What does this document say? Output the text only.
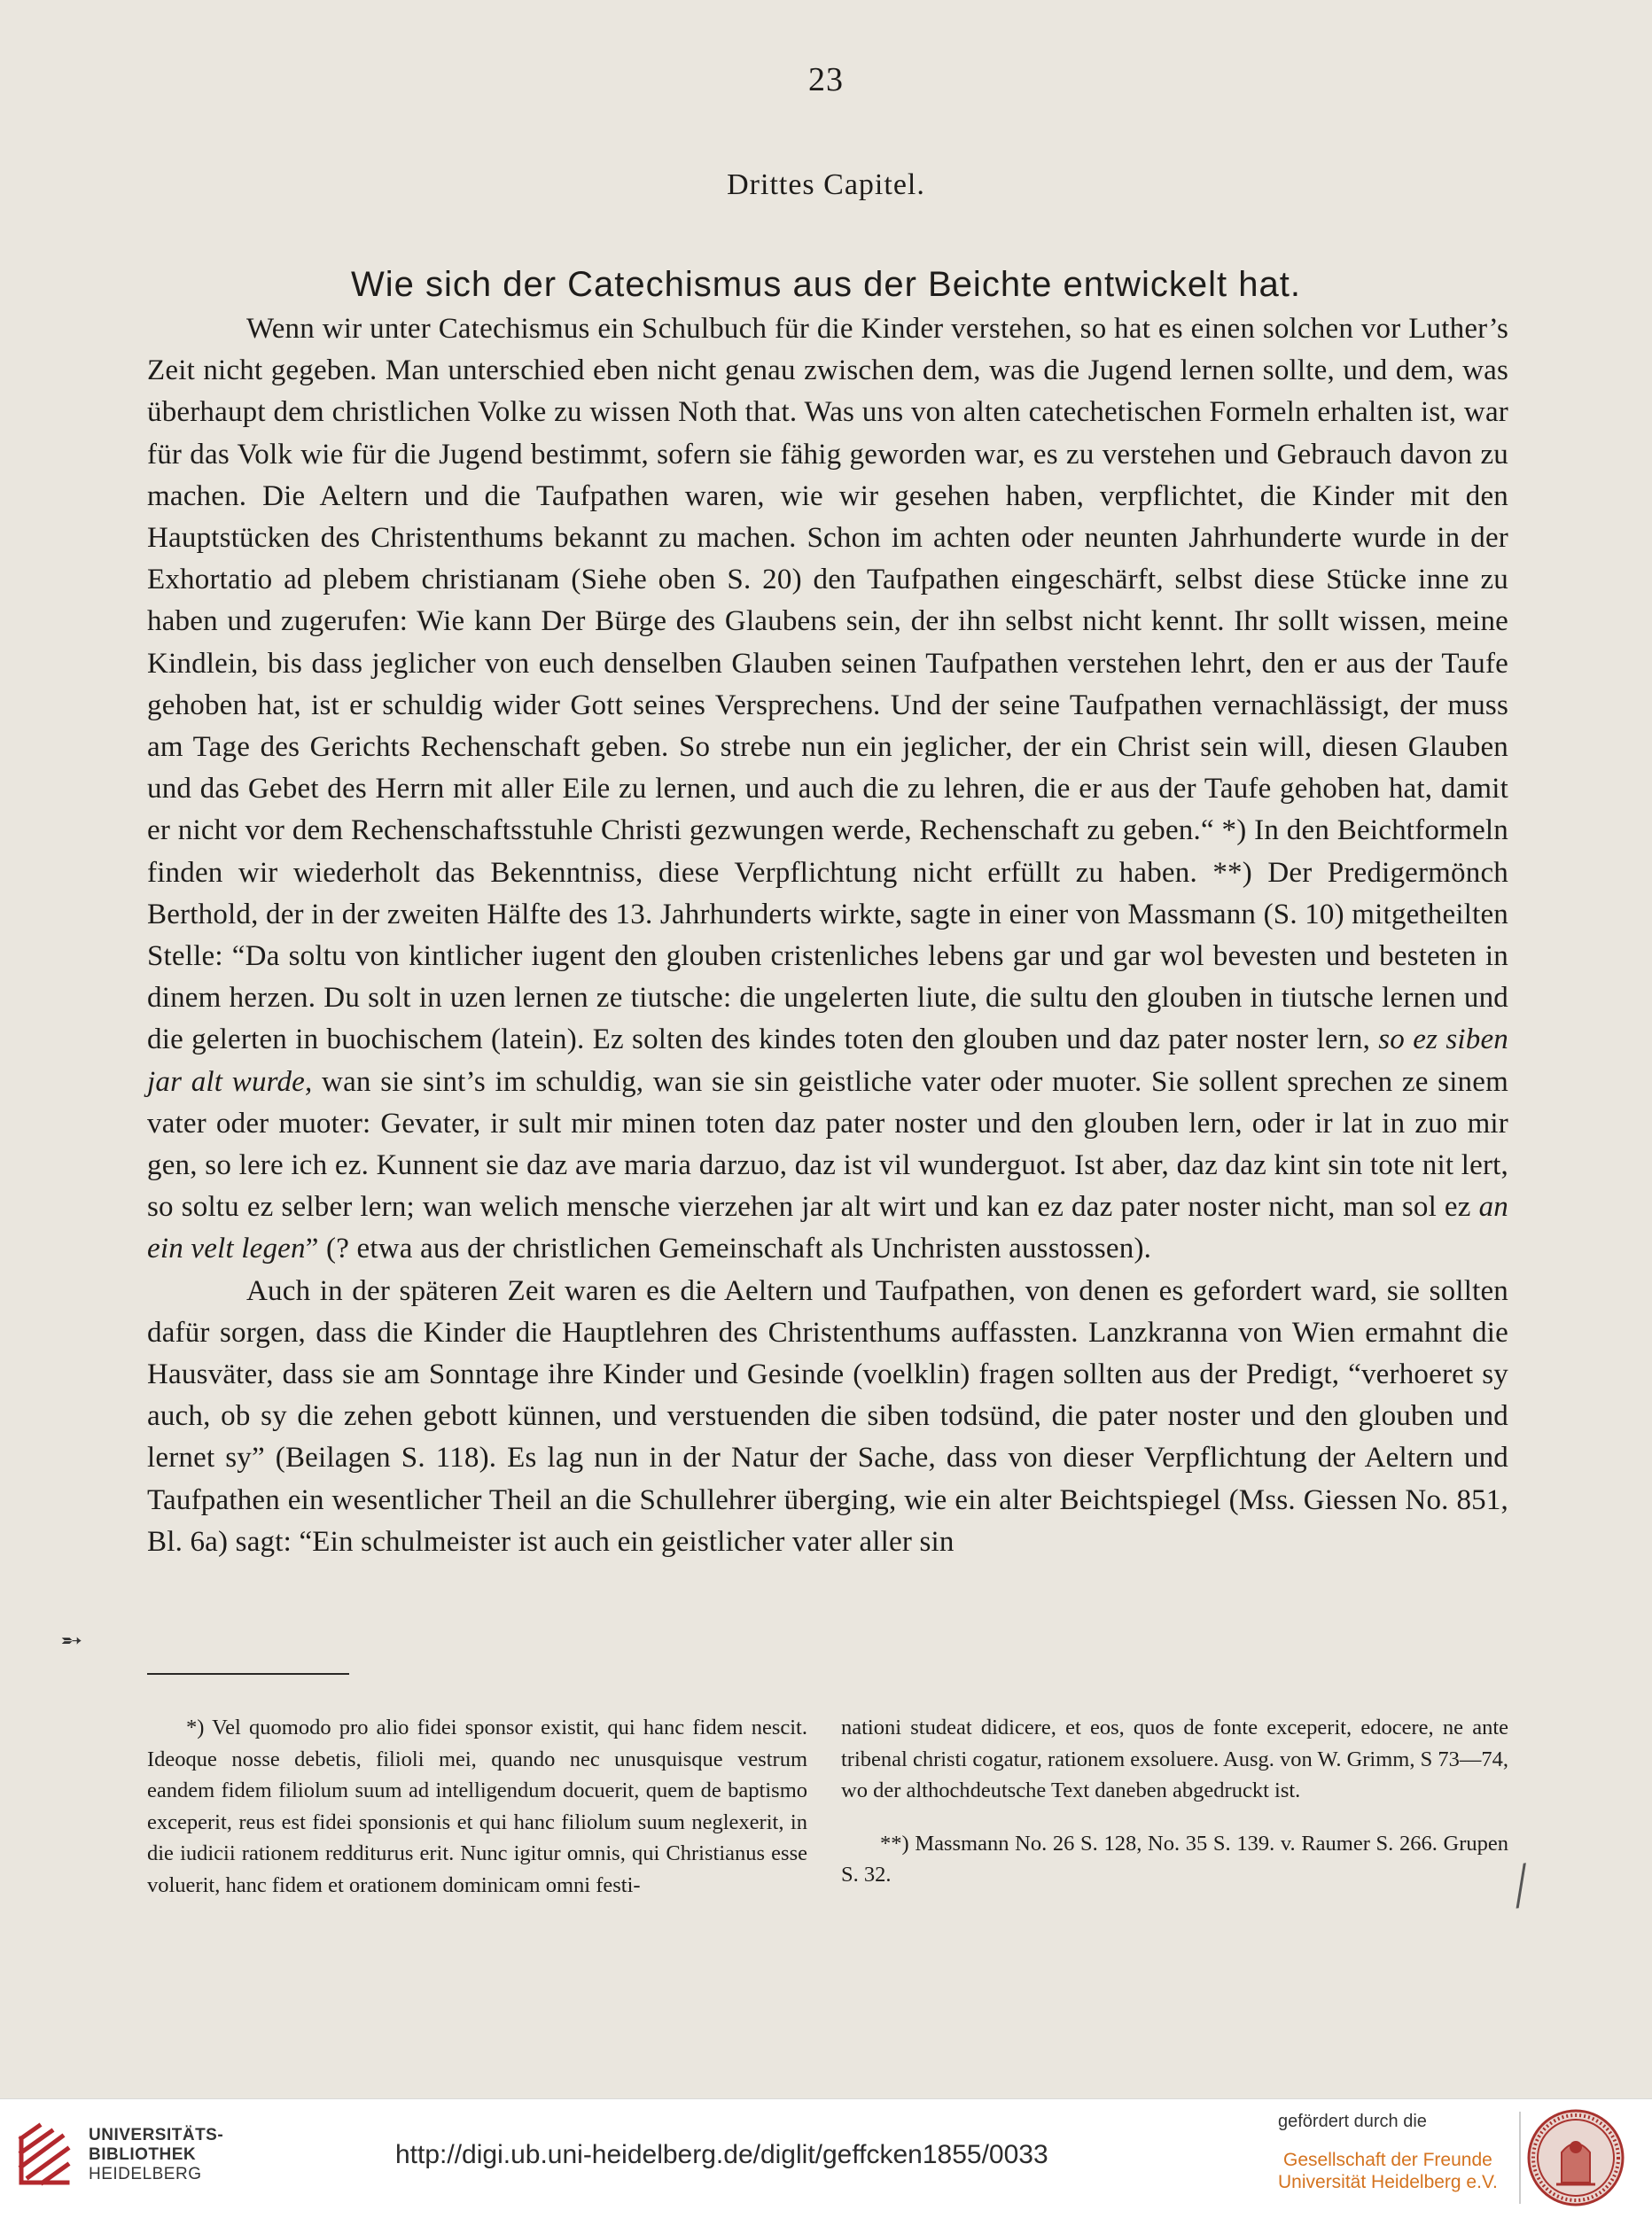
23
Drittes Capitel.
Wie sich der Catechismus aus der Beichte entwickelt hat.

Wenn wir unter Catechismus ein Schulbuch für die Kinder verstehen, so hat es einen solchen vor Luther’s Zeit nicht gegeben. Man unterschied eben nicht genau zwischen dem, was die Jugend lernen sollte, und dem, was überhaupt dem christlichen Volke zu wissen Noth that. Was uns von alten catechetischen Formeln erhalten ist, war für das Volk wie für die Jugend bestimmt, sofern sie fähig geworden war, es zu verstehen und Gebrauch davon zu machen. Die Aeltern und die Taufpathen waren, wie wir gesehen haben, verpflichtet, die Kinder mit den Hauptstücken des Christenthums bekannt zu machen. Schon im achten oder neunten Jahrhunderte wurde in der Exhortatio ad plebem christianam (Siehe oben S. 20) den Taufpathen eingeschärft, selbst diese Stücke inne zu haben und zugerufen: Wie kann Der Bürge des Glaubens sein, der ihn selbst nicht kennt. Ihr sollt wissen, meine Kindlein, bis dass jeglicher von euch denselben Glauben seinen Taufpathen verstehen lehrt, den er aus der Taufe gehoben hat, ist er schuldig wider Gott seines Versprechens. Und der seine Taufpathen vernachlässigt, der muss am Tage des Gerichts Rechenschaft geben. So strebe nun ein jeglicher, der ein Christ sein will, diesen Glauben und das Gebet des Herrn mit aller Eile zu lernen, und auch die zu lehren, die er aus der Taufe gehoben hat, damit er nicht vor dem Rechenschaftsstuhle Christi gezwungen werde, Rechenschaft zu geben.“ *) In den Beichtformeln finden wir wiederholt das Bekenntniss, diese Verpflichtung nicht erfüllt zu haben. **) Der Predigermönch Berthold, der in der zweiten Hälfte des 13. Jahrhunderts wirkte, sagte in einer von Massmann (S. 10) mitgetheilten Stelle: “Da soltu von kintlicher iugent den glouben cristenliches lebens gar und gar wol bevesten und besteten in dinem herzen. Du solt in uzen lernen ze tiutsche: die ungelerten liute, die sultu den glouben in tiutsche lernen und die gelerten in buochischem (latein). Ez solten des kindes toten den glouben und daz pater noster lern, so ez siben jar alt wurde, wan sie sint’s im schuldig, wan sie sin geistliche vater oder muoter. Sie sollent sprechen ze sinem vater oder muoter: Gevater, ir sult mir minen toten daz pater noster und den glouben lern, oder ir lat in zuo mir gen, so lere ich ez. Kunnent sie daz ave maria darzuo, daz ist vil wunderguot. Ist aber, daz daz kint sin tote nit lert, so soltu ez selber lern; wan welich mensche vierzehen jar alt wirt und kan ez daz pater noster nicht, man sol ez an ein velt legen” (? etwa aus der christlichen Gemeinschaft als Unchristen ausstossen).

Auch in der späteren Zeit waren es die Aeltern und Taufpathen, von denen es gefordert ward, sie sollten dafür sorgen, dass die Kinder die Hauptlehren des Christenthums auffassten. Lanzkranna von Wien ermahnt die Hausväter, dass sie am Sonntage ihre Kinder und Gesinde (voelklin) fragen sollten aus der Predigt, “verhoeret sy auch, ob sy die zehen gebott künnen, und verstuenden die siben todsünd, die pater noster und den glouben und lernet sy” (Beilagen S. 118). Es lag nun in der Natur der Sache, dass von dieser Verpflichtung der Aeltern und Taufpathen ein wesentlicher Theil an die Schullehrer überging, wie ein alter Beichtspiegel (Mss. Giessen No. 851, Bl. 6a) sagt: “Ein schulmeister ist auch ein geistlicher vater aller sin

➵

*) Vel quomodo pro alio fidei sponsor existit, qui hanc fidem nescit. Ideoque nosse debetis, filioli mei, quando nec unusquisque vestrum eandem fidem filiolum suum ad intelligendum docuerit, quem de baptismo exceperit, reus est fidei sponsionis et qui hanc filiolum suum neglexerit, in die iudicii rationem redditurus erit. Nunc igitur omnis, qui Christianus esse voluerit, hanc fidem et orationem dominicam omni festi-

nationi studeat didicere, et eos, quos de fonte exceperit, edocere, ne ante tribenal christi cogatur, rationem exsoluere. Ausg. von W. Grimm, S 73—74, wo der althochdeutsche Text daneben abgedruckt ist.

**) Massmann No. 26 S. 128, No. 35 S. 139. v. Raumer S. 266. Grupen S. 32.	/
UNIVERSITÄTS-
BIBLIOTHEK
HEIDELBERG
http://digi.ub.uni-heidelberg.de/diglit/geffcken1855/0033
gefördert durch die
Gesellschaft der Freunde
Universität Heidelberg e.V.
